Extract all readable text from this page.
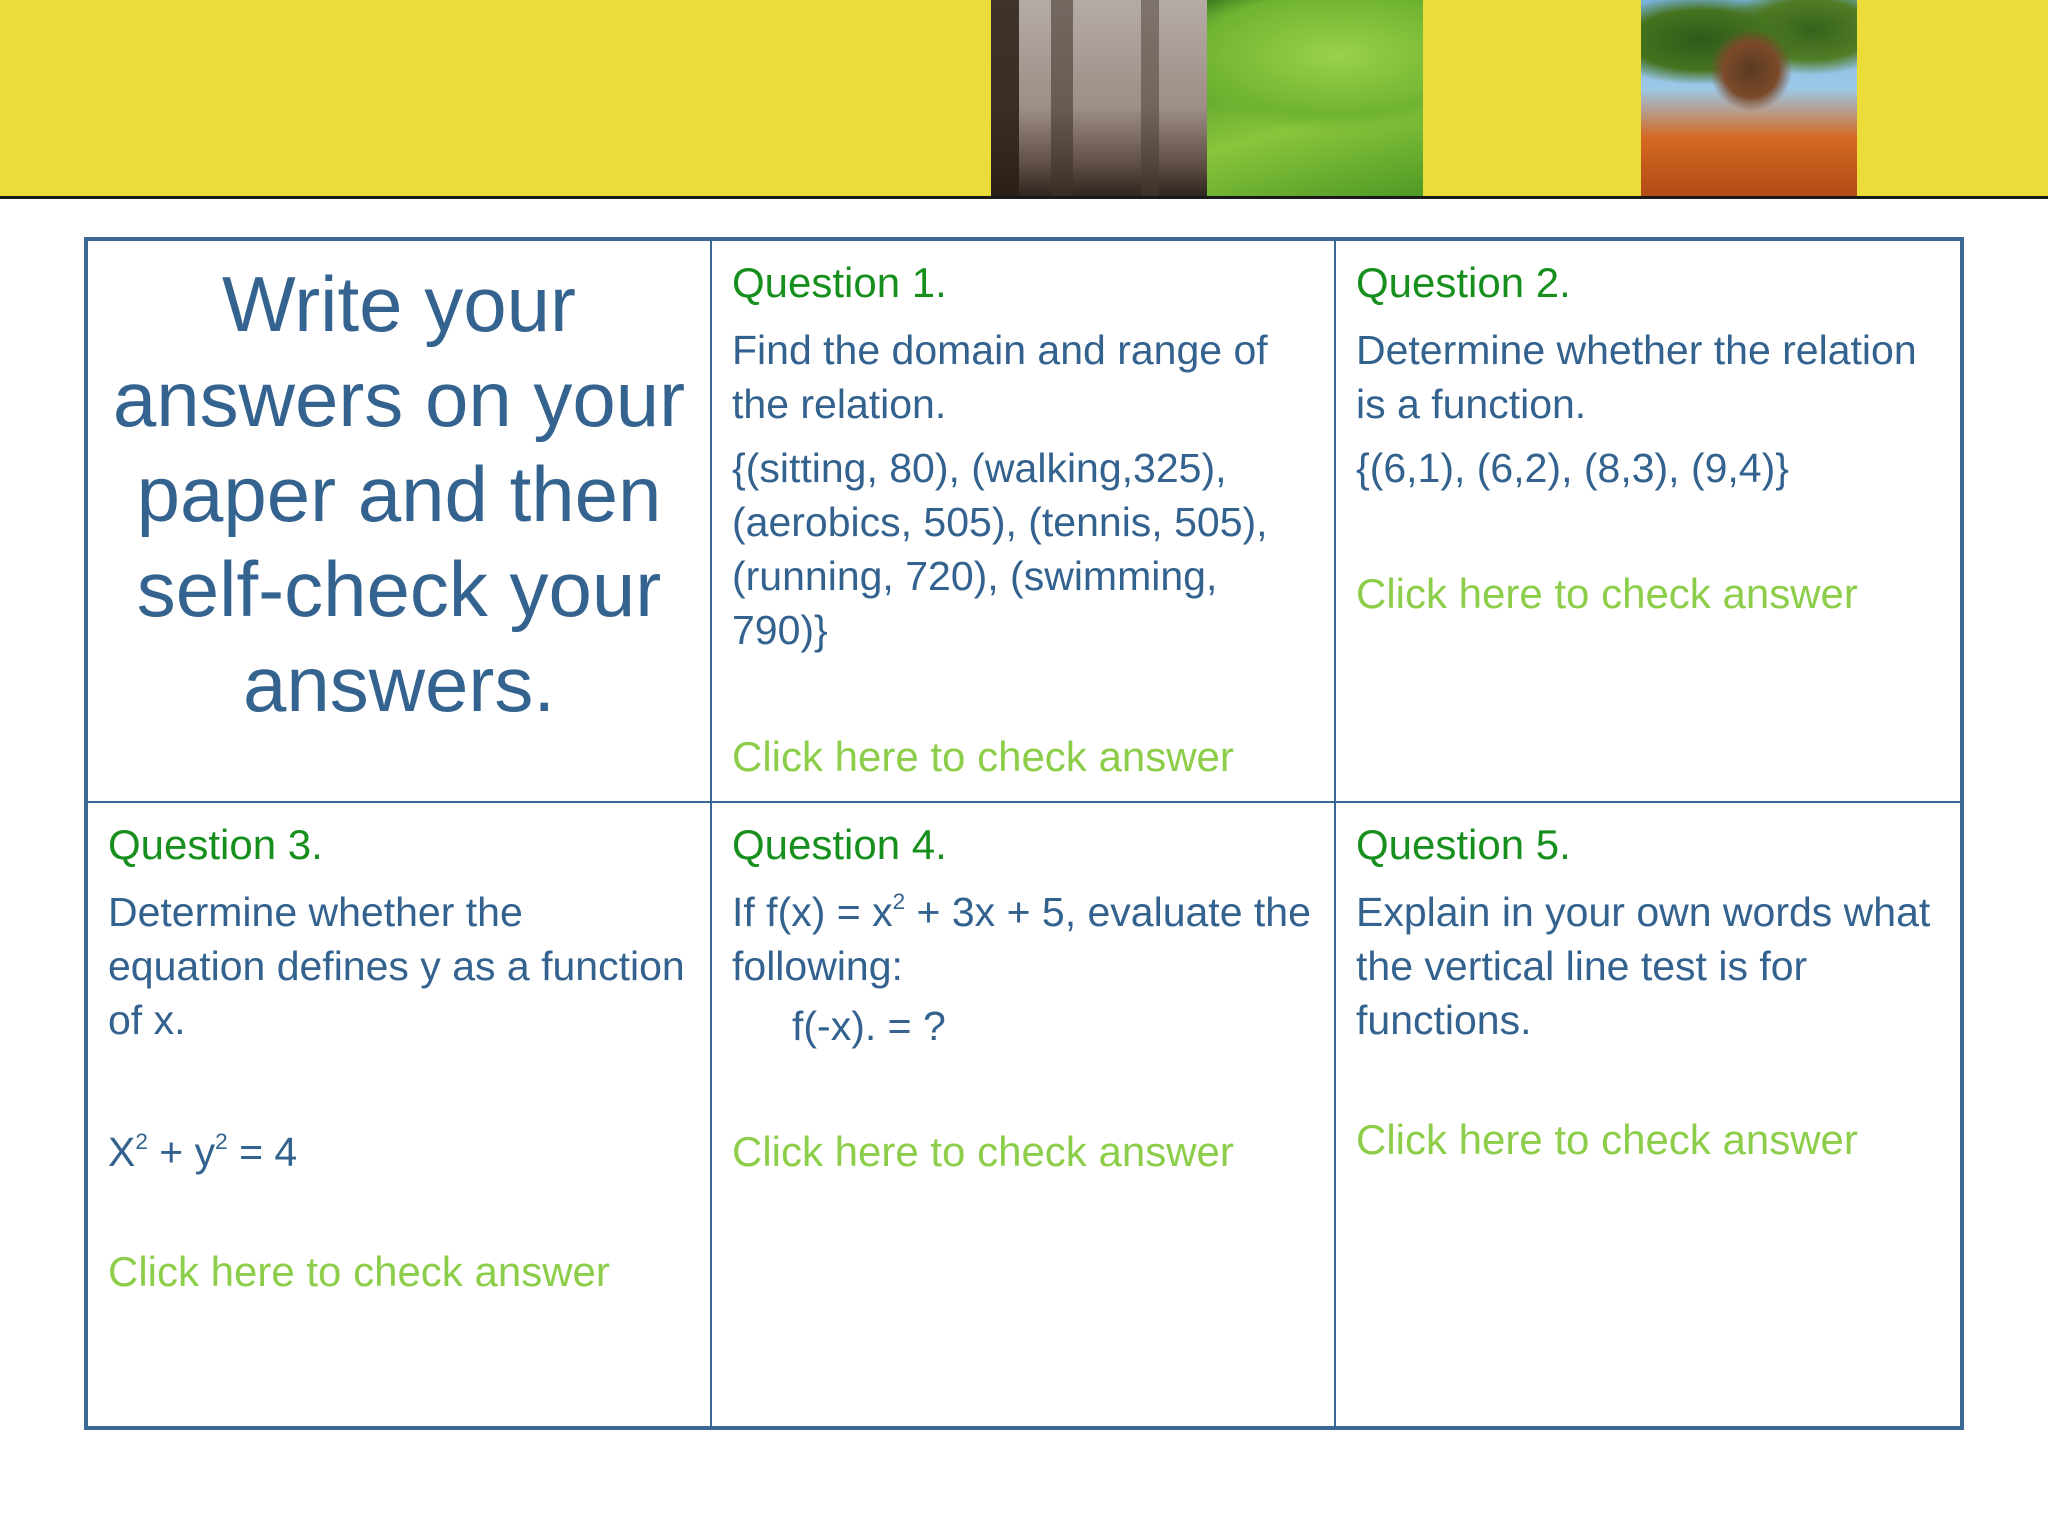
Write your answers on your paper and then self-check your answers.

Question 1.

Find the domain and range of the relation.

{(sitting, 80), (walking,325), (aerobics, 505), (tennis, 505), (running, 720), (swimming, 790)}

Click here to check answer

Question 2.

Determine whether the relation is a function.

{(6,1), (6,2), (8,3), (9,4)}

Click here to check answer

Question 3.

Determine whether the equation defines y as a function of x.

$X^2 + y^2 = 4$

Click here to check answer

Question 4.

If $f(x) = x^2 + 3x + 5$, evaluate the following:

f(-x). = ?

Click here to check answer

Question 5.

Explain in your own words what the vertical line test is for functions.

Click here to check answer
